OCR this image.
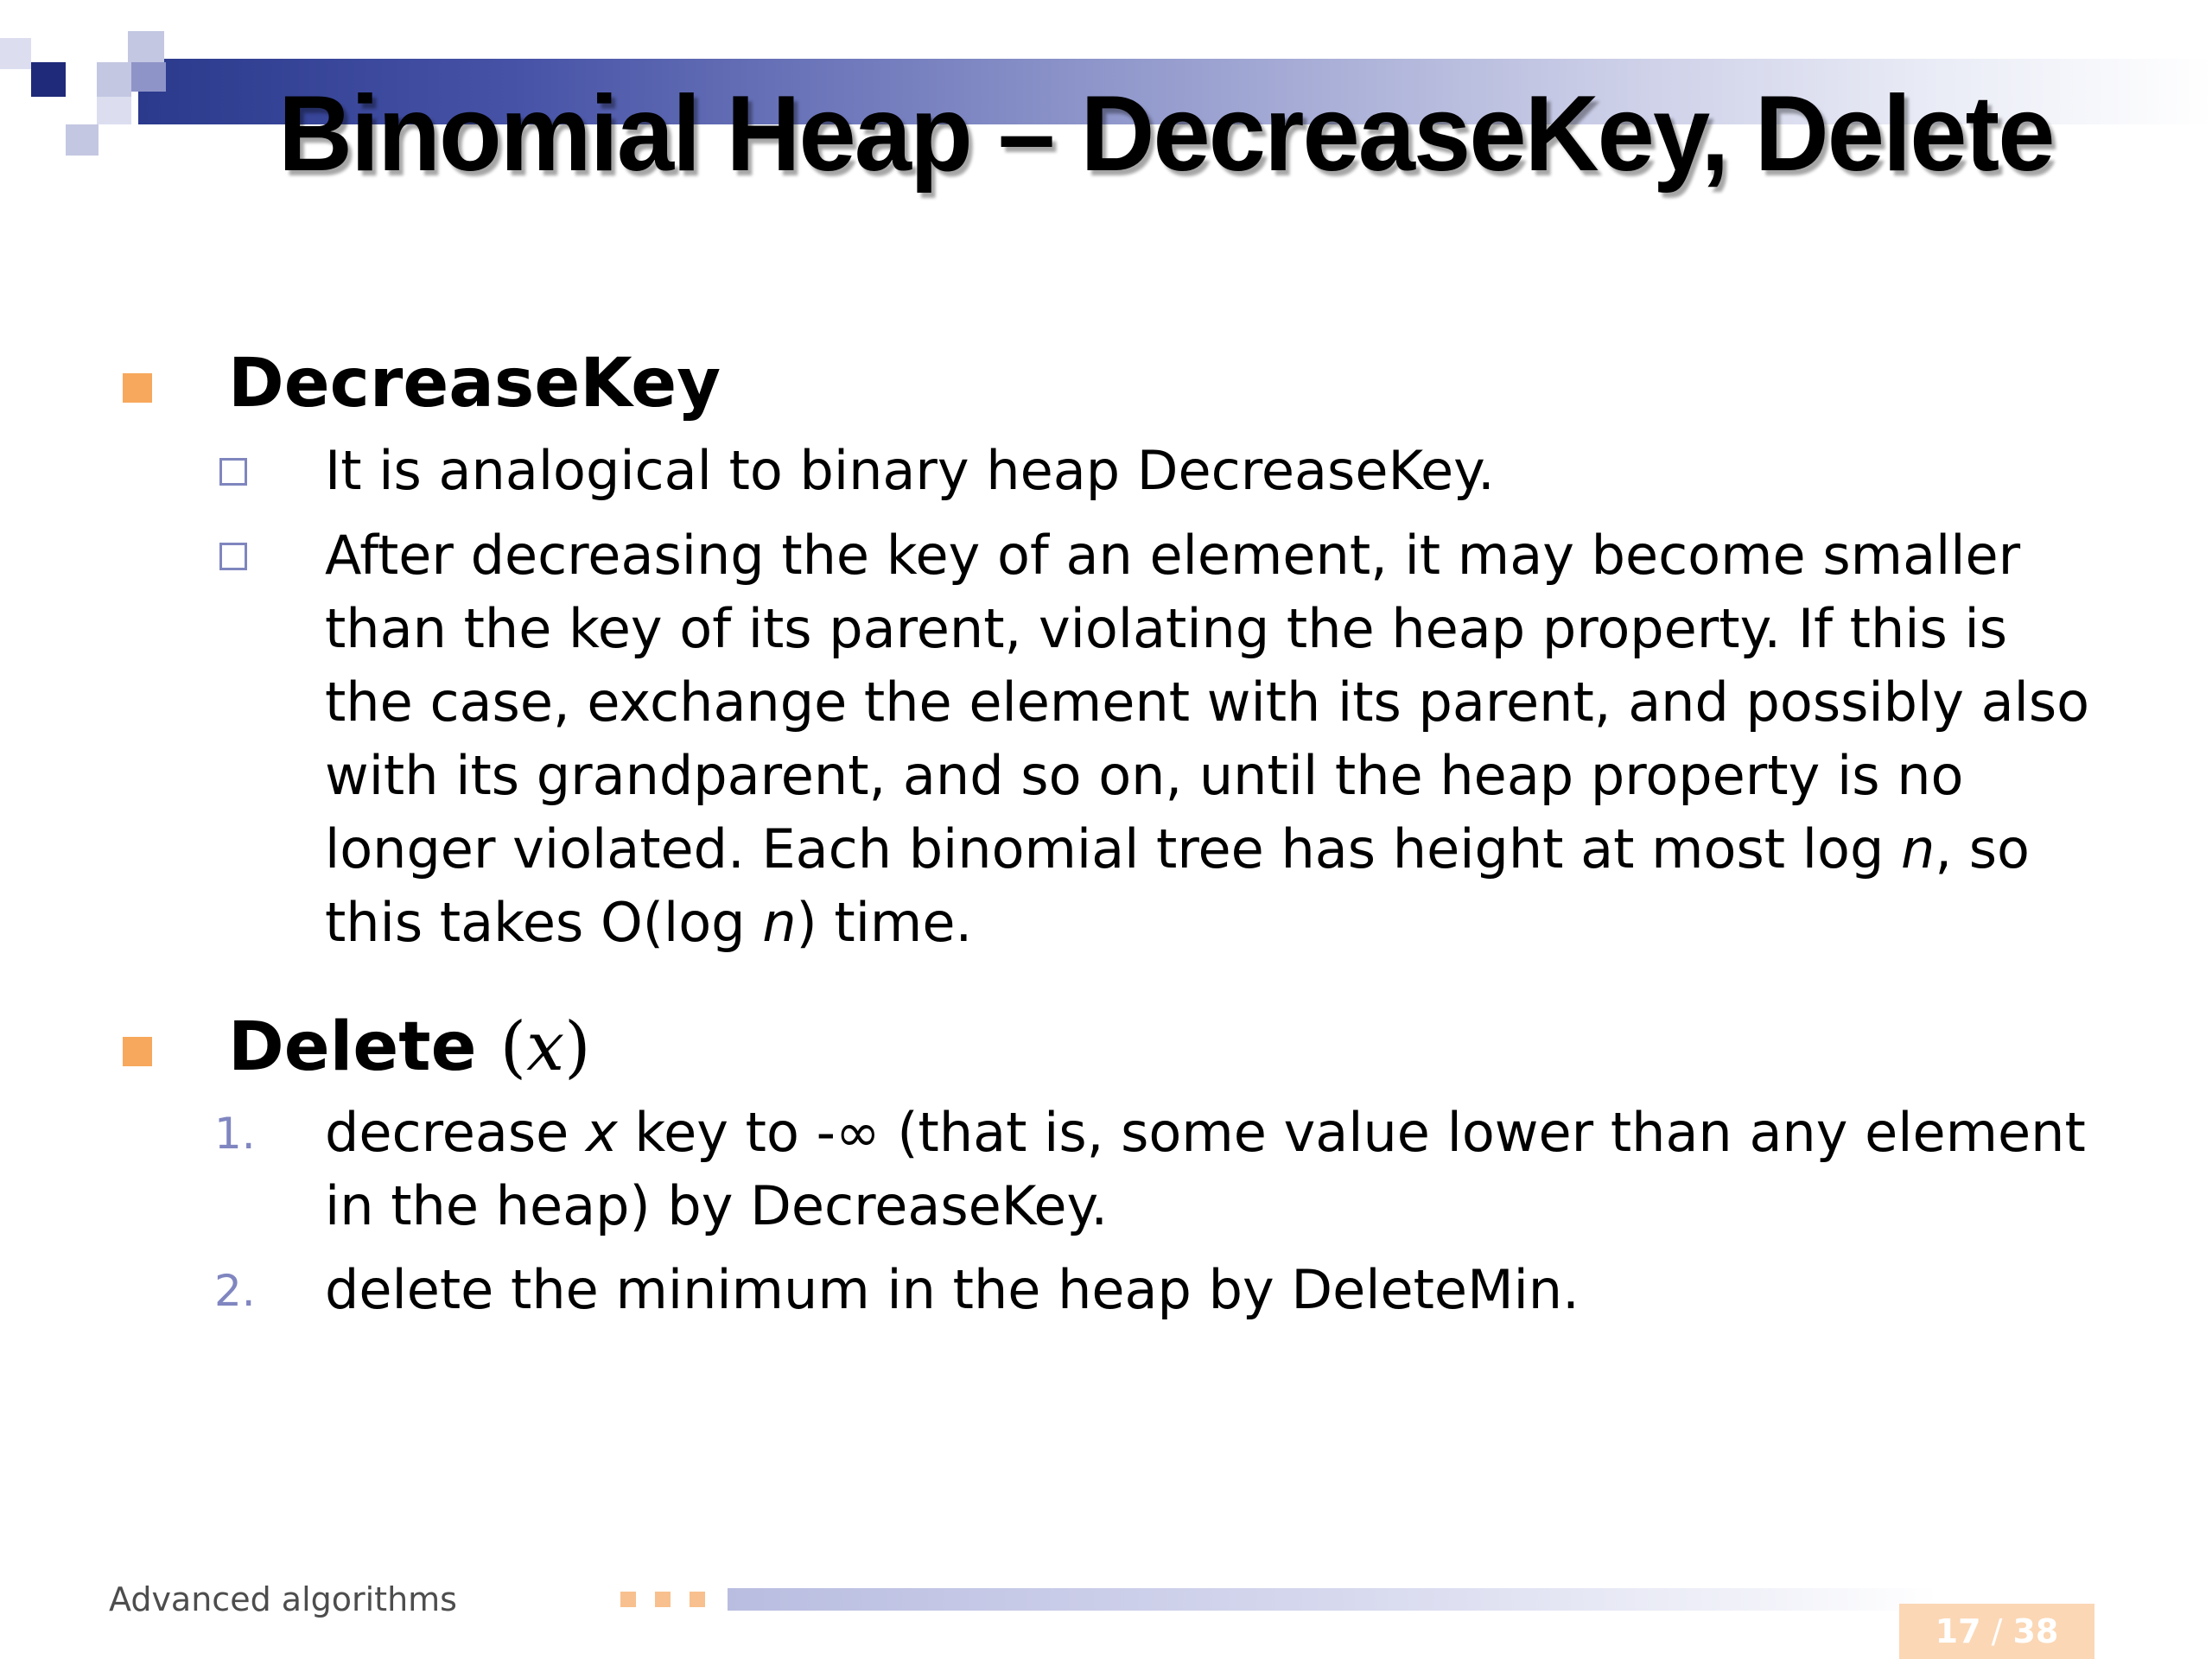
Binomial Heap – DecreaseKey, Delete
DecreaseKey

It is analogical to binary heap DecreaseKey.

After decreasing the key of an element, it may become smaller

than the key of its parent, violating the heap property. If this is

the case, exchange the element with its parent, and possibly also

with its grandparent, and so on, until the heap property is no

longer violated. Each binomial tree has height at most log n, so

this takes O(log n) time.

Delete (x)
1. decrease x key to -∞ (that is, some value lower than any element

in the heap) by DecreaseKey.

2. delete the minimum in the heap by DeleteMin.

Advanced algorithms
17 / 38
